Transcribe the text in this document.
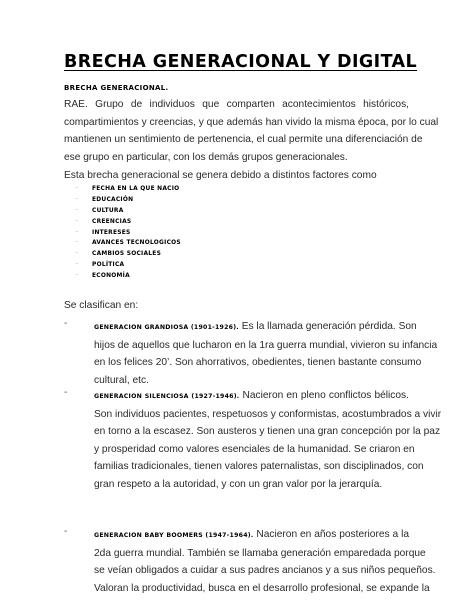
BRECHA GENERACIONAL Y DIGITAL
BRECHA GENERACIONAL.
RAE. Grupo de individuos que comparten acontecimientos históricos,
compartimientos y creencias, y que además han vivido la misma época, por lo cual
mantienen un sentimiento de pertenencia, el cual permite una diferenciación de
ese grupo en particular, con los demás grupos generacionales.
Esta brecha generacional se genera debido a distintos factores como
· FECHA EN LA QUE NACIO
· EDUCACIÓN
· CULTURA
· CREENCIAS
· INTERESES
· AVANCES TECNOLOGICOS
· CAMBIOS SOCIALES
· POLÍTICA
· ECONOMÍA
Se clasifican en:
-	GENERACION GRANDIOSA (1901-1926). Es la llamada generación pérdida. Son
hijos de aquellos que lucharon en la 1ra guerra mundial, vivieron su infancia
en los felices 20’. Son ahorrativos, obedientes, tienen bastante consumo
cultural, etc.
-	GENERACION SILENCIOSA (1927-1946). Nacieron en pleno conflictos bélicos.
Son individuos pacientes, respetuosos y conformistas, acostumbrados a vivir
en torno a la escasez. Son austeros y tienen una gran concepción por la paz
y prosperidad como valores esenciales de la humanidad. Se criaron en
familias tradicionales, tienen valores paternalistas, son disciplinados, con
gran respeto a la autoridad, y con un gran valor por la jerarquía.
-	GENERACION BABY BOOMERS (1947-1964). Nacieron en años posteriores a la
2da guerra mundial. También se llamaba generación emparedada porque
se veían obligados a cuidar a sus padres ancianos y a sus niños pequeños.
Valoran la productividad, busca en el desarrollo profesional, se expande la
